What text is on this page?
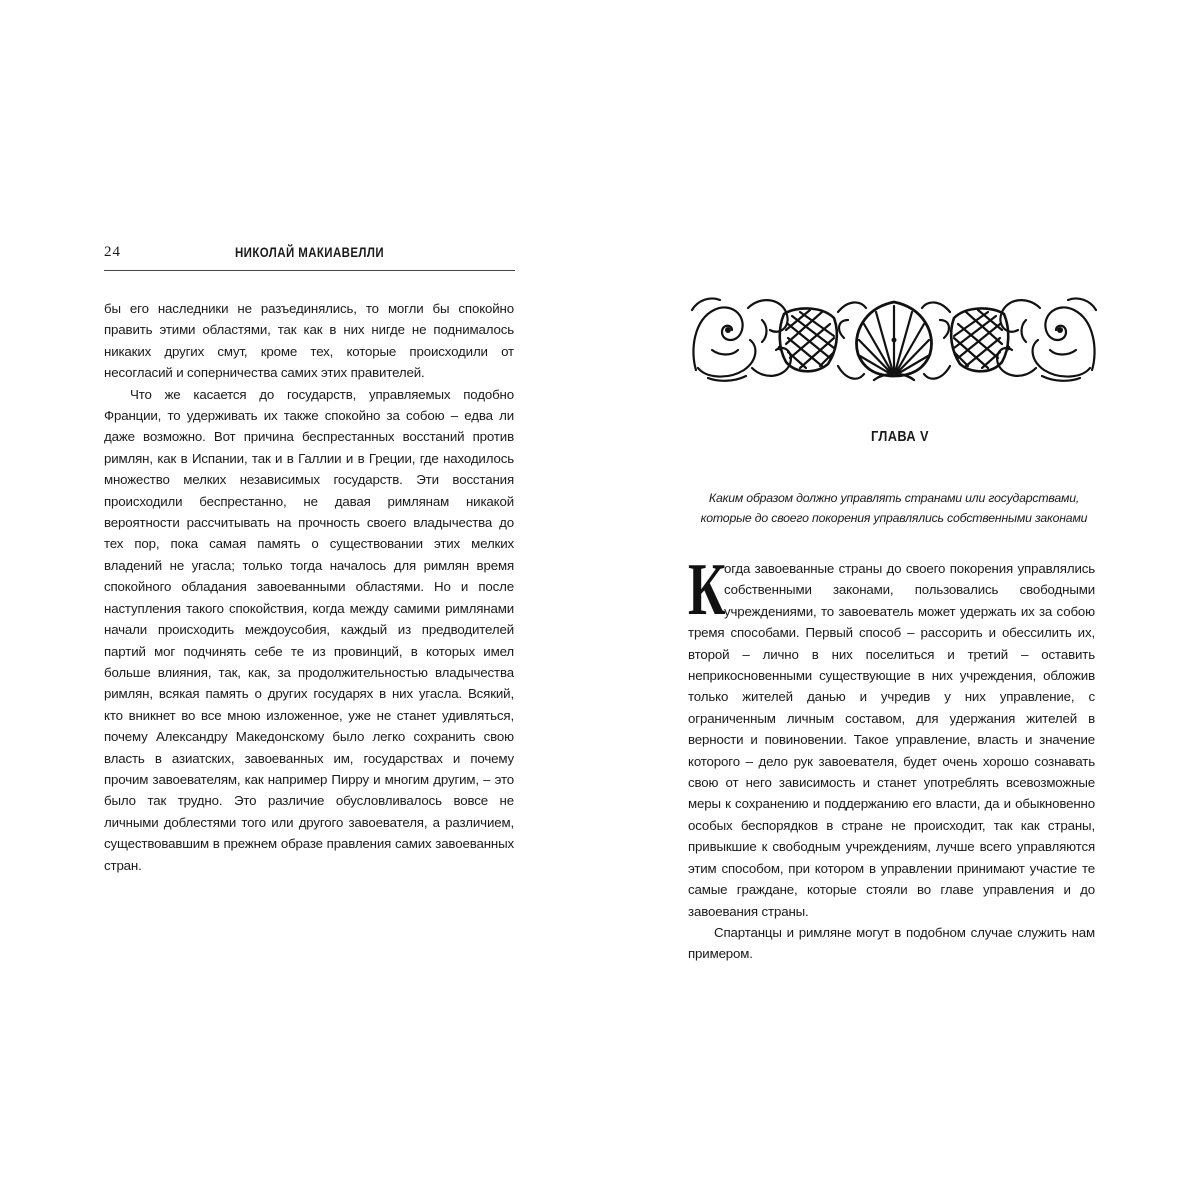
24	НИКОЛАЙ МАКИАВЕЛЛИ

бы его наследники не разъединялись, то могли бы спокойно править этими областями, так как в них нигде не поднималось никаких других смут, кроме тех, которые происходили от несогласий и соперничества самих этих правителей.

Что же касается до государств, управляемых подобно Франции, то удерживать их также спокойно за собою – едва ли даже возможно. Вот причина беспрестанных восстаний против римлян, как в Испании, так и в Галлии и в Греции, где находилось множество мелких независимых государств. Эти восстания происходили беспрестанно, не давая римлянам никакой вероятности рассчитывать на прочность своего владычества до тех пор, пока самая память о существовании этих мелких владений не угасла; только тогда началось для римлян время спокойного обладания завоеванными областями. Но и после наступления такого спокойствия, когда между самими римлянами начали происходить междоусобия, каждый из предводителей партий мог подчинять себе те из провинций, в которых имел больше влияния, так, как, за продолжительностью владычества римлян, всякая память о других государях в них угасла. Всякий, кто вникнет во все мною изложенное, уже не станет удивляться, почему Александру Македонскому было легко сохранить свою власть в азиатских, завоеванных им, государствах и почему прочим завоевателям, как например Пирру и многим другим, – это было так трудно. Это различие обусловливалось вовсе не личными доблестями того или другого завоевателя, а различием, существовавшим в прежнем образе правления самих завоеванных стран.

ГЛАВА V
Каким образом должно управлять странами или государствами,
которые до своего покорения управлялись собственными законами

К
огда завоеванные страны до своего покорения управлялись собственными законами, пользовались свободными учреждениями, то завоеватель может удержать их за собою тремя способами. Первый способ – рассорить и обессилить их, второй – лично в них поселиться и третий – оставить неприкосновенными существующие в них учреждения, обложив только жителей данью и учредив у них управление, с ограниченным личным составом, для удержания жителей в верности и повиновении. Такое управление, власть и значение которого – дело рук завоевателя, будет очень хорошо сознавать свою от него зависимость и станет употреблять всевозможные меры к сохранению и поддержанию его власти, да и обыкновенно особых беспорядков в стране не происходит, так как страны, привыкшие к свободным учреждениям, лучше всего управляются этим способом, при котором в управлении принимают участие те самые граждане, которые стояли во главе управления и до завоевания страны.

Спартанцы и римляне могут в подобном случае служить нам примером.
